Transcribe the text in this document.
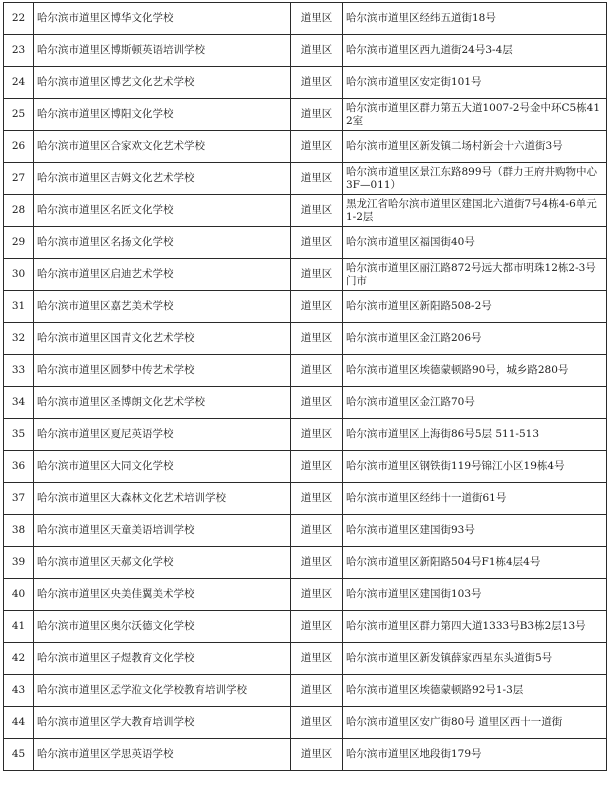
22	哈尔滨市道里区博华文化学校	道里区	哈尔滨市道里区经纬五道街18号
23	哈尔滨市道里区博斯顿英语培训学校	道里区	哈尔滨市道里区西九道街24号3-4层
24	哈尔滨市道里区博艺文化艺术学校	道里区	哈尔滨市道里区安定街101号
25	哈尔滨市道里区博阳文化学校	道里区	哈尔滨市道里区群力第五大道1007-2号金中环C5栋412室
26	哈尔滨市道里区合家欢文化艺术学校	道里区	哈尔滨市道里区新发镇二场村新会十六道街3号
27	哈尔滨市道里区吉姆文化艺术学校	道里区	哈尔滨市道里区景江东路899号（群力王府井购物中心3F—011）
28	哈尔滨市道里区名匠文化学校	道里区	黑龙江省哈尔滨市道里区建国北六道街7号4栋4-6单元1-2层
29	哈尔滨市道里区名扬文化学校	道里区	哈尔滨市道里区福国街40号
30	哈尔滨市道里区启迪艺术学校	道里区	哈尔滨市道里区丽江路872号远大都市明珠12栋2-3号门市
31	哈尔滨市道里区嘉艺美术学校	道里区	哈尔滨市道里区新阳路508-2号
32	哈尔滨市道里区国青文化艺术学校	道里区	哈尔滨市道里区金江路206号
33	哈尔滨市道里区圆梦中传艺术学校	道里区	哈尔滨市道里区埃德蒙顿路90号，城乡路280号
34	哈尔滨市道里区圣博朗文化艺术学校	道里区	哈尔滨市道里区金江路70号
35	哈尔滨市道里区夏尼英语学校	道里区	哈尔滨市道里区上海街86号5层 511-513
36	哈尔滨市道里区大同文化学校	道里区	哈尔滨市道里区钢铁街119号锦江小区19栋4号
37	哈尔滨市道里区大森林文化艺术培训学校	道里区	哈尔滨市道里区经纬十一道街61号
38	哈尔滨市道里区天童美语培训学校	道里区	哈尔滨市道里区建国街93号
39	哈尔滨市道里区天郝文化学校	道里区	哈尔滨市道里区新阳路504号F1栋4层4号
40	哈尔滨市道里区央美佳翼美术学校	道里区	哈尔滨市道里区建国街103号
41	哈尔滨市道里区奥尔沃德文化学校	道里区	哈尔滨市道里区群力第四大道1333号B3栋2层13号
42	哈尔滨市道里区子煜教育文化学校	道里区	哈尔滨市道里区新发镇薛家西星东头道街5号
43	哈尔滨市道里区孞学涖文化学校教育培训学校	道里区	哈尔滨市道里区埃德蒙顿路92号1-3层
44	哈尔滨市道里区学大教育培训学校	道里区	哈尔滨市道里区安广街80号 道里区西十一道街
45	哈尔滨市道里区学思英语学校	道里区	哈尔滨市道里区地段街179号
